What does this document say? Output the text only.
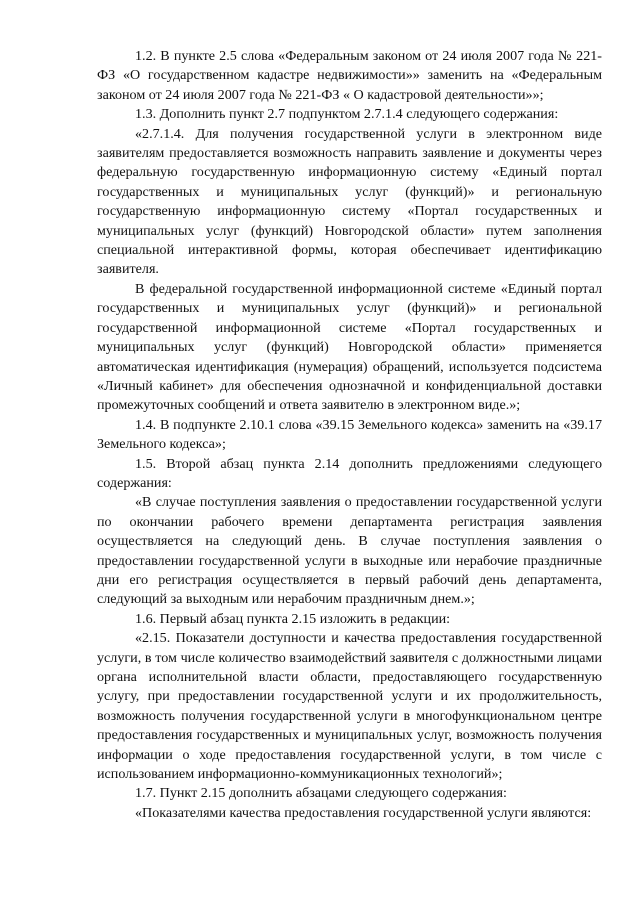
1.2. В пункте 2.5 слова «Федеральным законом от 24 июля 2007 года № 221-ФЗ «О государственном кадастре недвижимости»» заменить на «Федеральным законом от 24 июля 2007 года № 221-ФЗ « О кадастровой деятельности»»;

1.3. Дополнить пункт 2.7 подпунктом 2.7.1.4 следующего содержания:

«2.7.1.4. Для получения государственной услуги в электронном виде заявителям предоставляется возможность направить заявление и документы через федеральную государственную информационную систему «Единый портал государственных и муниципальных услуг (функций)» и региональную государственную информационную систему «Портал государственных и муниципальных услуг (функций) Новгородской области» путем заполнения специальной интерактивной формы, которая обеспечивает идентификацию заявителя.

В федеральной государственной информационной системе «Единый портал государственных и муниципальных услуг (функций)» и региональной государственной информационной системе «Портал государственных и муниципальных услуг (функций) Новгородской области» применяется автоматическая идентификация (нумерация) обращений, используется подсистема «Личный кабинет» для обеспечения однозначной и конфиденциальной доставки промежуточных сообщений и ответа заявителю в электронном виде.»;

1.4. В подпункте 2.10.1 слова «39.15 Земельного кодекса» заменить на «39.17 Земельного кодекса»;

1.5. Второй абзац пункта 2.14 дополнить предложениями следующего содержания:

«В случае поступления заявления о предоставлении государственной услуги по окончании рабочего времени департамента регистрация заявления осуществляется на следующий день. В случае поступления заявления о предоставлении государственной услуги в выходные или нерабочие праздничные дни его регистрация осуществляется в первый рабочий день департамента, следующий за выходным или нерабочим праздничным днем.»;

1.6. Первый абзац пункта 2.15 изложить в редакции:

«2.15. Показатели доступности и качества предоставления государственной услуги, в том числе количество взаимодействий заявителя с должностными лицами органа исполнительной власти области, предоставляющего государственную услугу, при предоставлении государственной услуги и их продолжительность, возможность получения государственной услуги в многофункциональном центре предоставления государственных и муниципальных услуг, возможность получения информации о ходе предоставления государственной услуги, в том числе с использованием информационно-коммуникационных технологий»;

1.7. Пункт 2.15 дополнить абзацами следующего содержания:

«Показателями качества предоставления государственной услуги являются:
